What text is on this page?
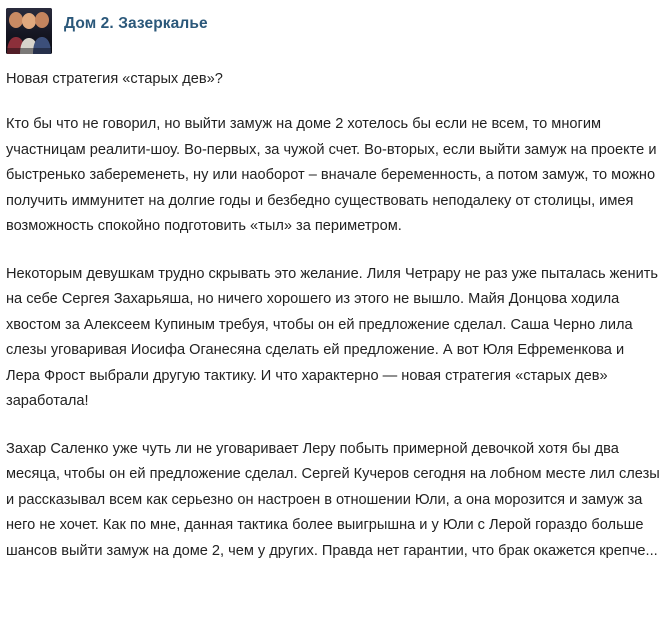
Дом 2. Зазеркалье

Новая стратегия «старых дев»?

Кто бы что не говорил, но выйти замуж на доме 2 хотелось бы если не всем, то многим участницам реалити-шоу. Во-первых, за чужой счет. Во-вторых, если выйти замуж на проекте и быстренько забеременеть, ну или наоборот – вначале беременность, а потом замуж, то можно получить иммунитет на долгие годы и безбедно существовать неподалеку от столицы, имея возможность спокойно подготовить «тыл» за периметром.

Некоторым девушкам трудно скрывать это желание. Лиля Четрару не раз уже пыталась женить на себе Сергея Захарьяша, но ничего хорошего из этого не вышло. Майя Донцова ходила хвостом за Алексеем Купиным требуя, чтобы он ей предложение сделал. Саша Черно лила слезы уговаривая Иосифа Оганесяна сделать ей предложение. А вот Юля Ефременкова и Лера Фрост выбрали другую тактику. И что характерно — новая стратегия «старых дев» заработала!

Захар Саленко уже чуть ли не уговаривает Леру побыть примерной девочкой хотя бы два месяца, чтобы он ей предложение сделал. Сергей Кучеров сегодня на лобном месте лил слезы и рассказывал всем как серьезно он настроен в отношении Юли, а она морозится и замуж за него не хочет. Как по мне, данная тактика более выигрышна и у Юли с Лерой гораздо больше шансов выйти замуж на доме 2, чем у других. Правда нет гарантии, что брак окажется крепче...
